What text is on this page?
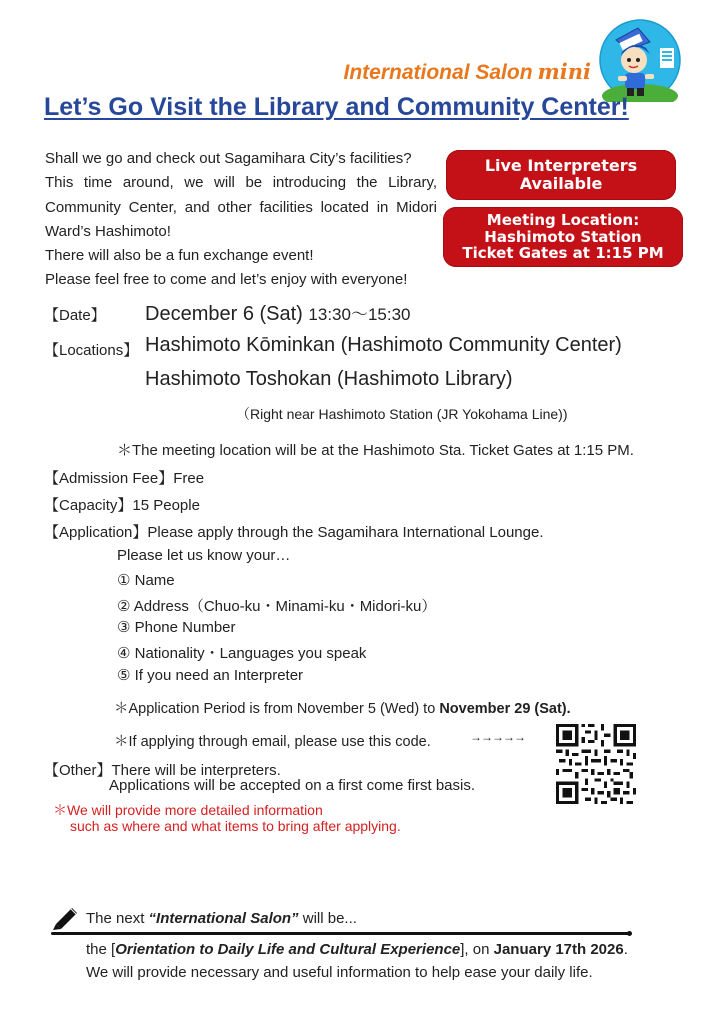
International Salon mini
Let’s Go Visit the Library and Community Center!

Shall we go and check out Sagamihara City’s facilities?

This time around, we will be introducing the Library, Community Center, and other facilities located in Midori Ward’s Hashimoto!

There will also be a fun exchange event!

Please feel free to come and let’s enjoy with everyone!

Live Interpreters
Available
Meeting Location:
Hashimoto Station
Ticket Gates at 1:15 PM
【Date】 December 6 (Sat) 13:30～15:30
【Locations】 Hashimoto Kōminkan (Hashimoto Community Center)
Hashimoto Toshokan (Hashimoto Library)
（Right near Hashimoto Station (JR Yokohama Line))
＊The meeting location will be at the Hashimoto Sta. Ticket Gates at 1:15 PM.
【Admission Fee】Free
【Capacity】15 People
【Application】Please apply through the Sagamihara International Lounge.
Please let us know your…
① Name
② Address（Chuo-ku・Minami-ku・Midori-ku）
③ Phone Number
④ Nationality・Languages you speak
⑤ If you need an Interpreter
＊Application Period is from November 5 (Wed) to November 29 (Sat).
＊If applying through email, please use this code.	→→→→→
【Other】There will be interpreters.
Applications will be accepted on a first come first basis.
＊We will provide more detailed information
such as where and what items to bring after applying.
The next “International Salon” will be...
the [Orientation to Daily Life and Cultural Experience], on January 17th 2026.
We will provide necessary and useful information to help ease your daily life.
